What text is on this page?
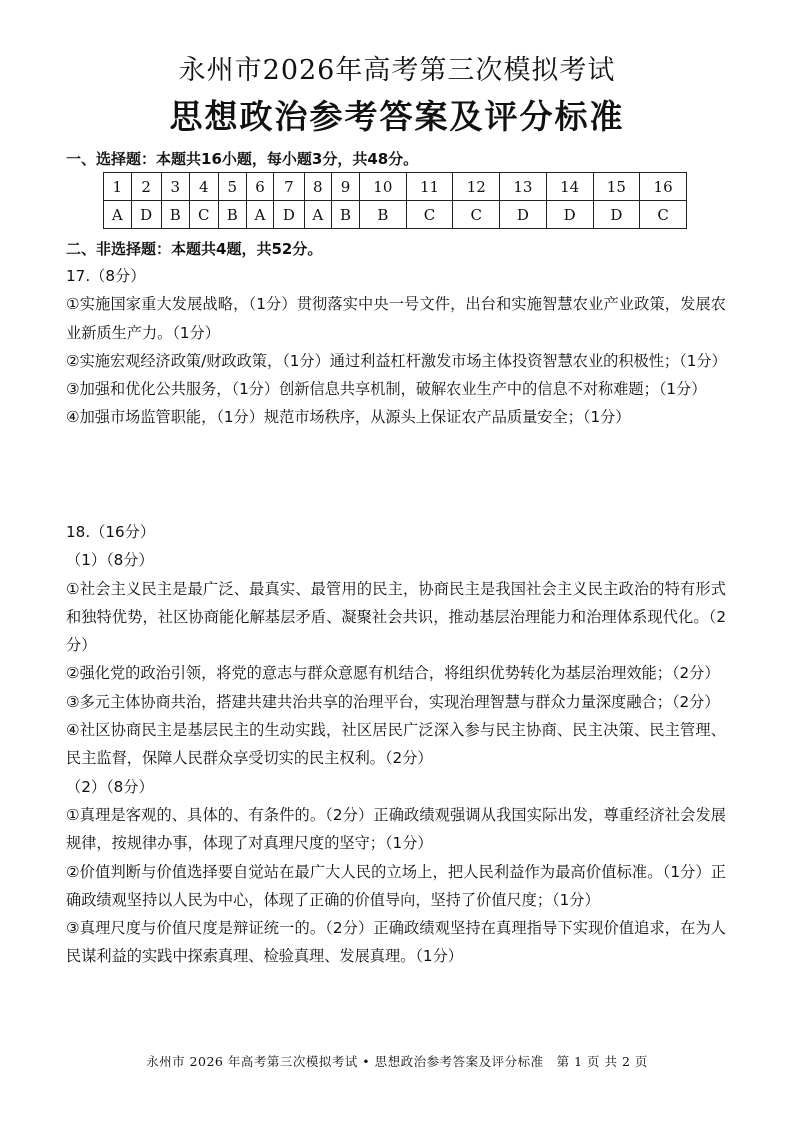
永州市2026年高考第三次模拟考试
思想政治参考答案及评分标准
一、选择题：本题共16小题，每小题3分，共48分。
1	2	3	4	5	6	7	8	9	10	11	12	13	14	15	16
A	D	B	C	B	A	D	A	B	B	C	C	D	D	D	C
二、非选择题：本题共4题，共52分。

17.（8分）

①实施国家重大发展战略，（1分）贯彻落实中央一号文件，出台和实施智慧农业产业政策，发展农业新质生产力。（1分）

②实施宏观经济政策/财政政策，（1分）通过利益杠杆激发市场主体投资智慧农业的积极性；（1分）

③加强和优化公共服务，（1分）创新信息共享机制，破解农业生产中的信息不对称难题；（1分）

④加强市场监管职能，（1分）规范市场秩序，从源头上保证农产品质量安全；（1分）

18.（16分）

（1）（8分）

①社会主义民主是最广泛、最真实、最管用的民主，协商民主是我国社会主义民主政治的特有形式和独特优势，社区协商能化解基层矛盾、凝聚社会共识，推动基层治理能力和治理体系现代化。（2分）

②强化党的政治引领，将党的意志与群众意愿有机结合，将组织优势转化为基层治理效能；（2分）

③多元主体协商共治，搭建共建共治共享的治理平台，实现治理智慧与群众力量深度融合；（2分）

④社区协商民主是基层民主的生动实践，社区居民广泛深入参与民主协商、民主决策、民主管理、民主监督，保障人民群众享受切实的民主权利。（2分）

（2）（8分）

①真理是客观的、具体的、有条件的。（2分）正确政绩观强调从我国实际出发，尊重经济社会发展规律，按规律办事，体现了对真理尺度的坚守；（1分）

②价值判断与价值选择要自觉站在最广大人民的立场上，把人民利益作为最高价值标准。（1分）正确政绩观坚持以人民为中心，体现了正确的价值导向，坚持了价值尺度；（1分）

③真理尺度与价值尺度是辩证统一的。（2分）正确政绩观坚持在真理指导下实现价值追求，在为人民谋利益的实践中探索真理、检验真理、发展真理。（1分）

永州市 2026 年高考第三次模拟考试 • 思想政治参考答案及评分标准　第 1 页 共 2 页
